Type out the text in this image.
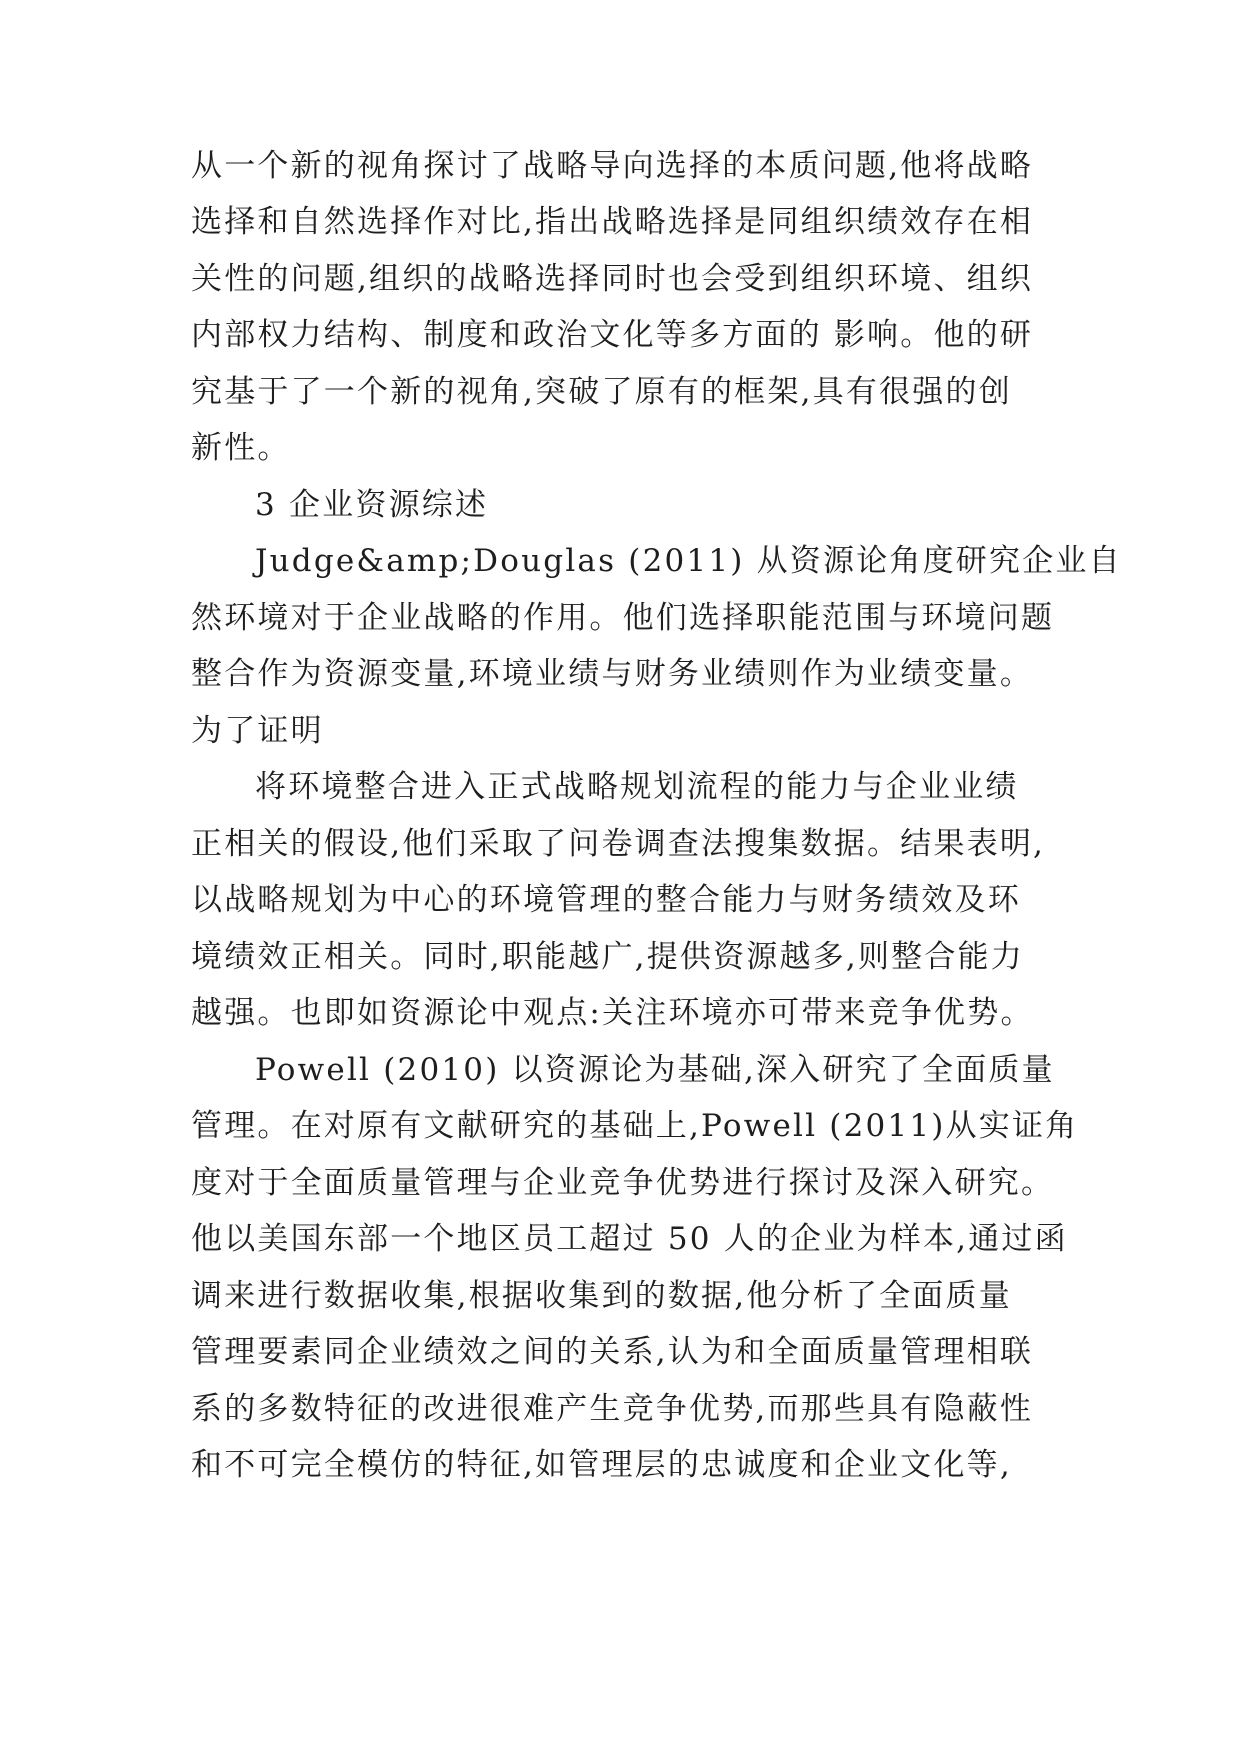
从一个新的视角探讨了战略导向选择的本质问题,他将战略
选择和自然选择作对比,指出战略选择是同组织绩效存在相
关性的问题,组织的战略选择同时也会受到组织环境、组织
内部权力结构、制度和政治文化等多方面的 影响。他的研
究基于了一个新的视角,突破了原有的框架,具有很强的创
新性。
3 企业资源综述
Judge&amp;Douglas (2011) 从资源论角度研究企业自
然环境对于企业战略的作用。他们选择职能范围与环境问题
整合作为资源变量,环境业绩与财务业绩则作为业绩变量。
为了证明
将环境整合进入正式战略规划流程的能力与企业业绩
正相关的假设,他们采取了问卷调查法搜集数据。结果表明,
以战略规划为中心的环境管理的整合能力与财务绩效及环
境绩效正相关。同时,职能越广,提供资源越多,则整合能力
越强。也即如资源论中观点:关注环境亦可带来竞争优势。
Powell (2010) 以资源论为基础,深入研究了全面质量
管理。在对原有文献研究的基础上,Powell (2011)从实证角
度对于全面质量管理与企业竞争优势进行探讨及深入研究。
他以美国东部一个地区员工超过 50 人的企业为样本,通过函
调来进行数据收集,根据收集到的数据,他分析了全面质量
管理要素同企业绩效之间的关系,认为和全面质量管理相联
系的多数特征的改进很难产生竞争优势,而那些具有隐蔽性
和不可完全模仿的特征,如管理层的忠诚度和企业文化等,
